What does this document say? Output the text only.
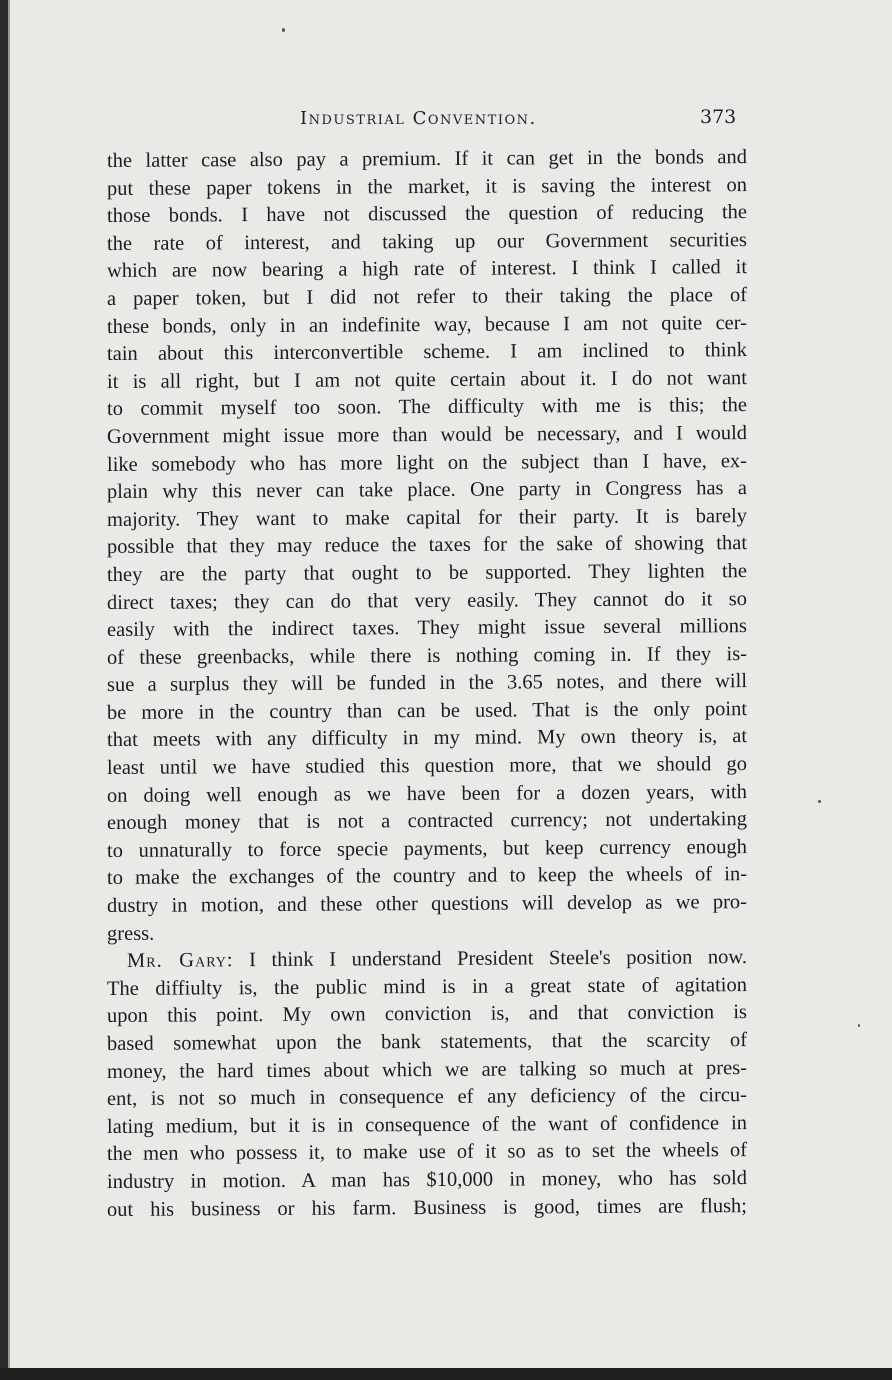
Industrial Convention.	373
the latter case also pay a premium. If it can get in the bonds and
put these paper tokens in the market, it is saving the interest on
those bonds. I have not discussed the question of reducing the
the rate of interest, and taking up our Government securities
which are now bearing a high rate of interest. I think I called it
a paper token, but I did not refer to their taking the place of
these bonds, only in an indefinite way, because I am not quite cer-
tain about this interconvertible scheme. I am inclined to think
it is all right, but I am not quite certain about it. I do not want
to commit myself too soon. The difficulty with me is this; the
Government might issue more than would be necessary, and I would
like somebody who has more light on the subject than I have, ex-
plain why this never can take place. One party in Congress has a
majority. They want to make capital for their party. It is barely
possible that they may reduce the taxes for the sake of showing that
they are the party that ought to be supported. They lighten the
direct taxes; they can do that very easily. They cannot do it so
easily with the indirect taxes. They might issue several millions
of these greenbacks, while there is nothing coming in. If they is-
sue a surplus they will be funded in the 3.65 notes, and there will
be more in the country than can be used. That is the only point
that meets with any difficulty in my mind. My own theory is, at
least until we have studied this question more, that we should go
on doing well enough as we have been for a dozen years, with
enough money that is not a contracted currency; not undertaking
to unnaturally to force specie payments, but keep currency enough
to make the exchanges of the country and to keep the wheels of in-
dustry in motion, and these other questions will develop as we pro-
gress.
Mr. Gary: I think I understand President Steele's position now.
The diffiulty is, the public mind is in a great state of agitation
upon this point. My own conviction is, and that conviction is
based somewhat upon the bank statements, that the scarcity of
money, the hard times about which we are talking so much at pres-
ent, is not so much in consequence ef any deficiency of the circu-
lating medium, but it is in consequence of the want of confidence in
the men who possess it, to make use of it so as to set the wheels of
industry in motion. A man has $10,000 in money, who has sold
out his business or his farm. Business is good, times are flush;
